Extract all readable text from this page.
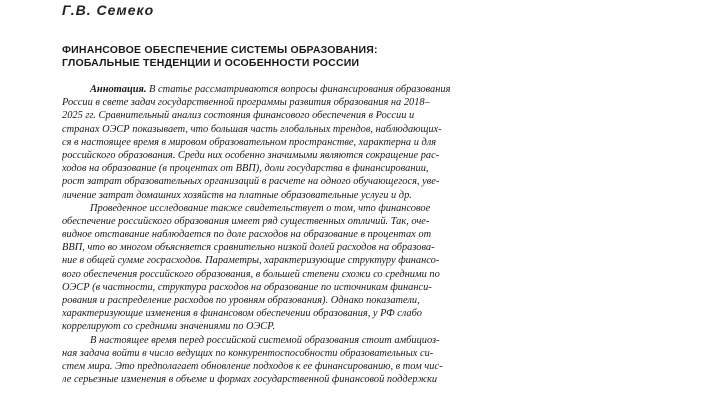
Г.В. Семеко
ФИНАНСОВОЕ ОБЕСПЕЧЕНИЕ СИСТЕМЫ ОБРАЗОВАНИЯ:
ГЛОБАЛЬНЫЕ ТЕНДЕНЦИИ И ОСОБЕННОСТИ РОССИИ
Аннотация. В статье рассматриваются вопросы финансирования образования
России в свете задач государственной программы развития образования на 2018–
2025 гг. Сравнительный анализ состояния финансового обеспечения в России и
странах ОЭСР показывает, что большая часть глобальных трендов, наблюдающих-
ся в настоящее время в мировом образовательном пространстве, характерна и для
российского образования. Среди них особенно значимыми являются сокращение рас-
ходов на образование (в процентах от ВВП), доли государства в финансировании,
рост затрат образовательных организаций в расчете на одного обучающегося, уве-
личение затрат домашних хозяйств на платные образовательные услуги и др.
Проведенное исследование также свидетельствует о том, что финансовое
обеспечение российского образования имеет ряд существенных отличий. Так, оче-
видное отставание наблюдается по доле расходов на образование в процентах от
ВВП, что во многом объясняется сравнительно низкой долей расходов на образова-
ние в общей сумме госрасходов. Параметры, характеризующие структуру финансо-
вого обеспечения российского образования, в большей степени схожи со средними по
ОЭСР (в частности, структура расходов на образование по источникам финанси-
рования и распределение расходов по уровням образования). Однако показатели,
характеризующие изменения в финансовом обеспечении образования, у РФ слабо
коррелируют со средними значениями по ОЭСР.
В настоящее время перед российской системой образования стоит амбициоз-
ная задача войти в число ведущих по конкурентоспособности образовательных си-
стем мира. Это предполагает обновление подходов к ее финансированию, в том чис-
ле серьезные изменения в объеме и формах государственной финансовой поддержки
